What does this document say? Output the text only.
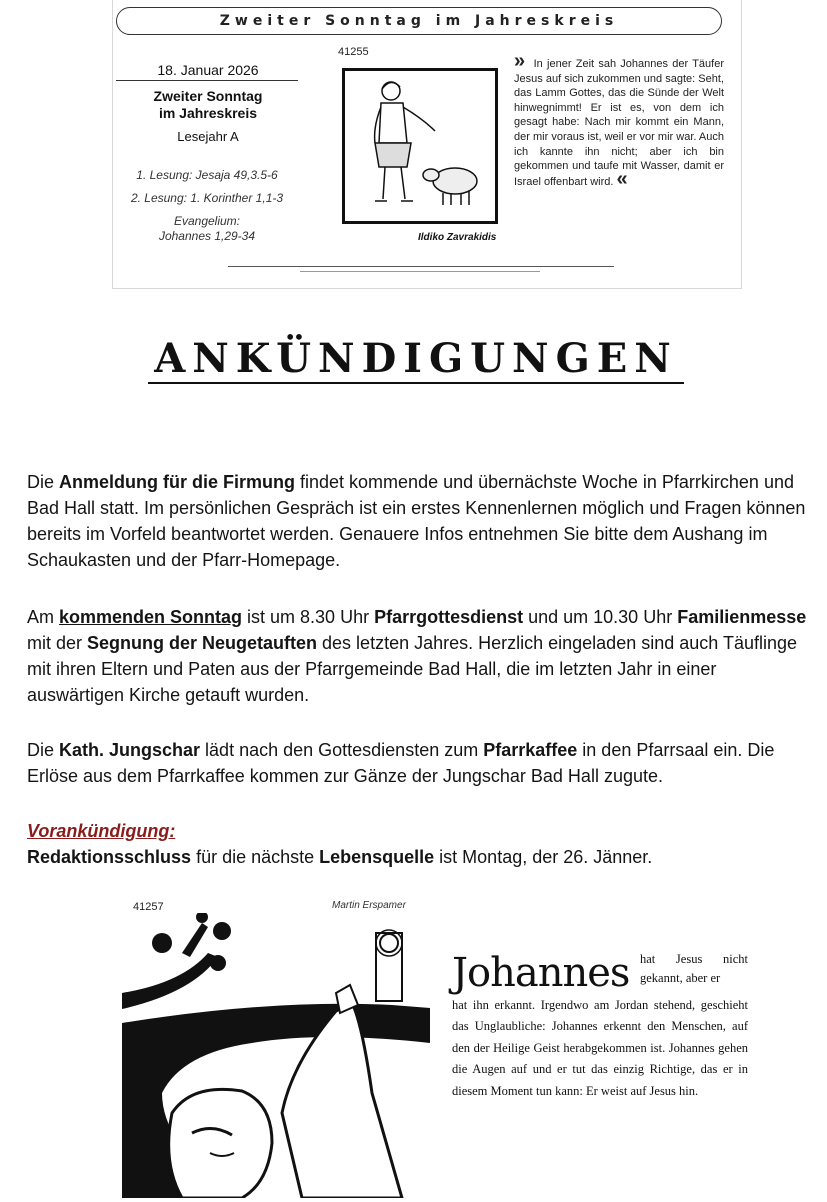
Zweiter Sonntag im Jahreskreis
41255
18. Januar 2026
Zweiter Sonntag
im Jahreskreis
Lesejahr A
1. Lesung: Jesaja 49,3.5-6
2. Lesung: 1. Korinther 1,1-3
Evangelium:
Johannes 1,29-34	Ildiko Zavrakidis
» In jener Zeit sah Johannes der Täufer Jesus auf sich zukommen und sagte: Seht, das Lamm Gottes, das die Sünde der Welt hinwegnimmt! Er ist es, von dem ich gesagt habe: Nach mir kommt ein Mann, der mir voraus ist, weil er vor mir war. Auch ich kannte ihn nicht; aber ich bin gekommen und taufe mit Wasser, damit er Israel offenbart wird. «
ANKÜNDIGUNGEN
Die Anmeldung für die Firmung findet kommende und übernächste Woche in Pfarrkirchen und Bad Hall statt. Im persönlichen Gespräch ist ein erstes Kennenlernen möglich und Fragen können bereits im Vorfeld beantwortet werden. Genauere Infos entnehmen Sie bitte dem Aushang im Schaukasten und der Pfarr-Homepage.
Am kommenden Sonntag ist um 8.30 Uhr Pfarrgottesdienst und um 10.30 Uhr Familienmesse mit der Segnung der Neugetauften des letzten Jahres. Herzlich eingeladen sind auch Täuflinge mit ihren Eltern und Paten aus der Pfarrgemeinde Bad Hall, die im letzten Jahr in einer auswärtigen Kirche getauft wurden.
Die Kath. Jungschar lädt nach den Gottesdiensten zum Pfarrkaffee in den Pfarrsaal ein. Die Erlöse aus dem Pfarrkaffee kommen zur Gänze der Jungschar Bad Hall zugute.
Vorankündigung:
Redaktionsschluss für die nächste Lebensquelle ist Montag, der 26. Jänner.
41257	Martin Erspamer
Johannes hat Jesus nicht gekannt, aber er
hat ihn erkannt. Irgendwo am Jordan stehend, geschieht das Unglaubliche: Johannes erkennt den Menschen, auf den der Heilige Geist herabgekommen ist. Johannes gehen die Augen auf und er tut das einzig Richtige, das er in diesem Moment tun kann: Er weist auf Jesus hin.
